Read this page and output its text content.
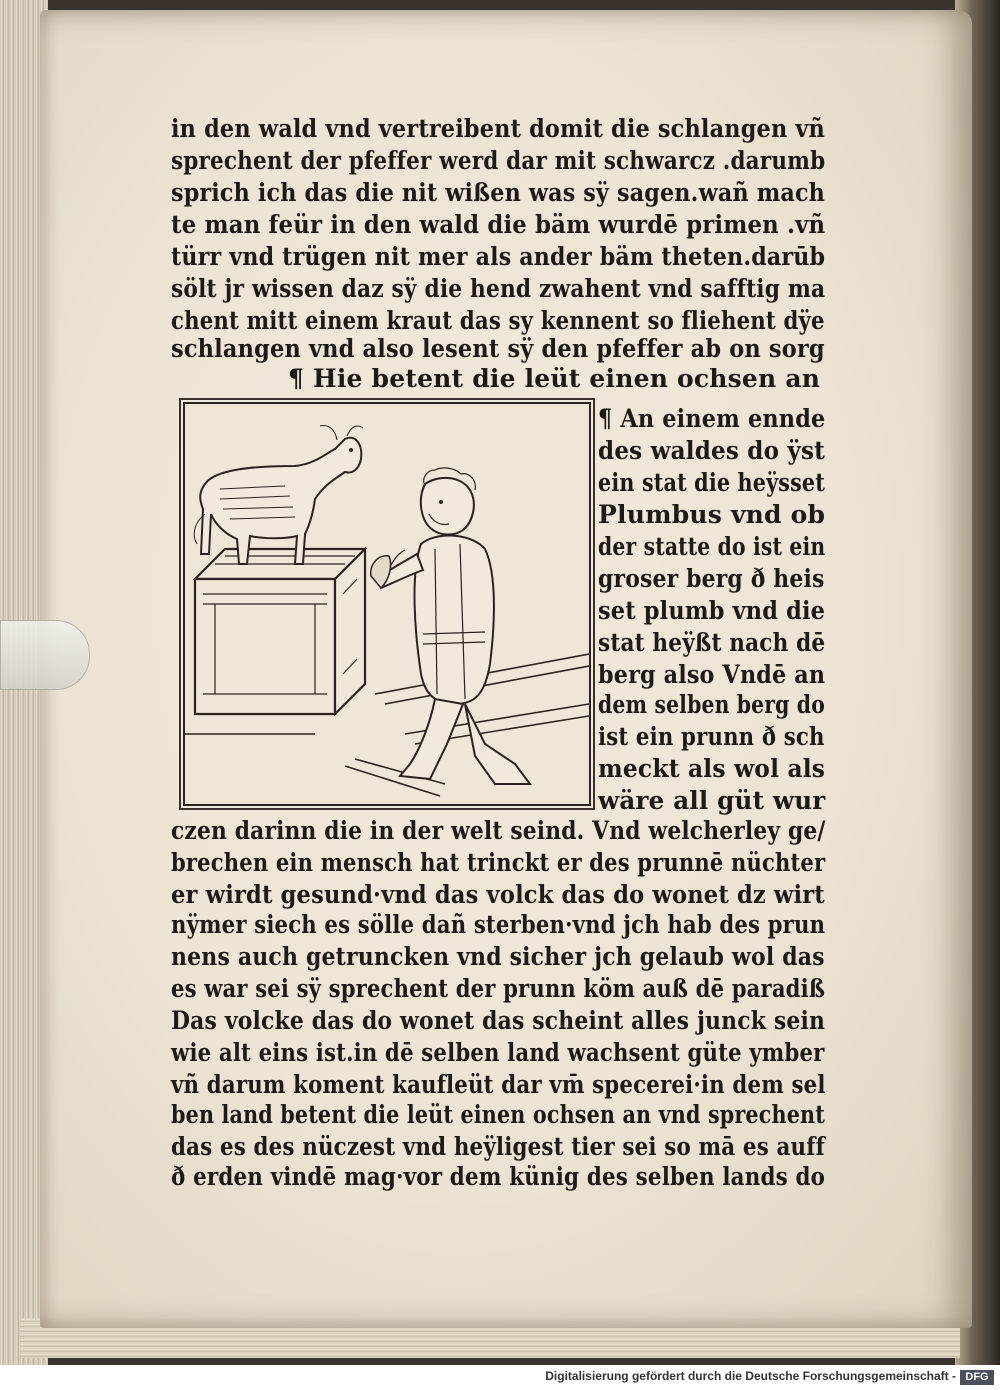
in den wald vnd vertreibent domit die schlangen vñ
sprechent der pfeffer werd dar mit schwarcz .darumb
sprich ich das die nit wißen was sÿ sagen.wañ mach
te man feür in den wald die bäm wurdē primen .vñ
türr vnd trügen nit mer als ander bäm theten.darūb
sölt jr wissen daz sÿ die hend zwahent vnd safftig ma
chent mitt einem kraut das sy kennent so fliehent dÿe
schlangen vnd also lesent sÿ den pfeffer ab on sorg
¶ Hie betent die leüt einen ochsen an
¶ An einem ennde
des waldes do ÿst
ein stat die heÿsset
Plumbus vnd ob
der statte do ist ein
groser berg ð heis
set plumb vnd die
stat heÿßt nach dē
berg also Vndē an
dem selben berg do
ist ein prunn ð sch
meckt als wol als
wäre all güt wur
czen darinn die in der welt seind. Vnd welcherley ge/
brechen ein mensch hat trinckt er des prunnē nüchter
er wirdt gesund·vnd das volck das do wonet dz wirt
nÿmer siech es sölle dañ sterben·vnd jch hab des prun
nens auch getruncken vnd sicher jch gelaub wol das
es war sei sÿ sprechent der prunn köm auß dē paradiß
Das volcke das do wonet das scheint alles junck sein
wie alt eins ist.in dē selben land wachsent güte ymber
vñ darum koment kaufleüt dar vm̄ specerei·in dem sel
ben land betent die leüt einen ochsen an vnd sprechent
das es des nüczest vnd heÿligest tier sei so mā es auff
ð erden vindē mag·vor dem künig des selben lands do
Digitalisierung gefördert durch die Deutsche Forschungsgemeinschaft - DFG
